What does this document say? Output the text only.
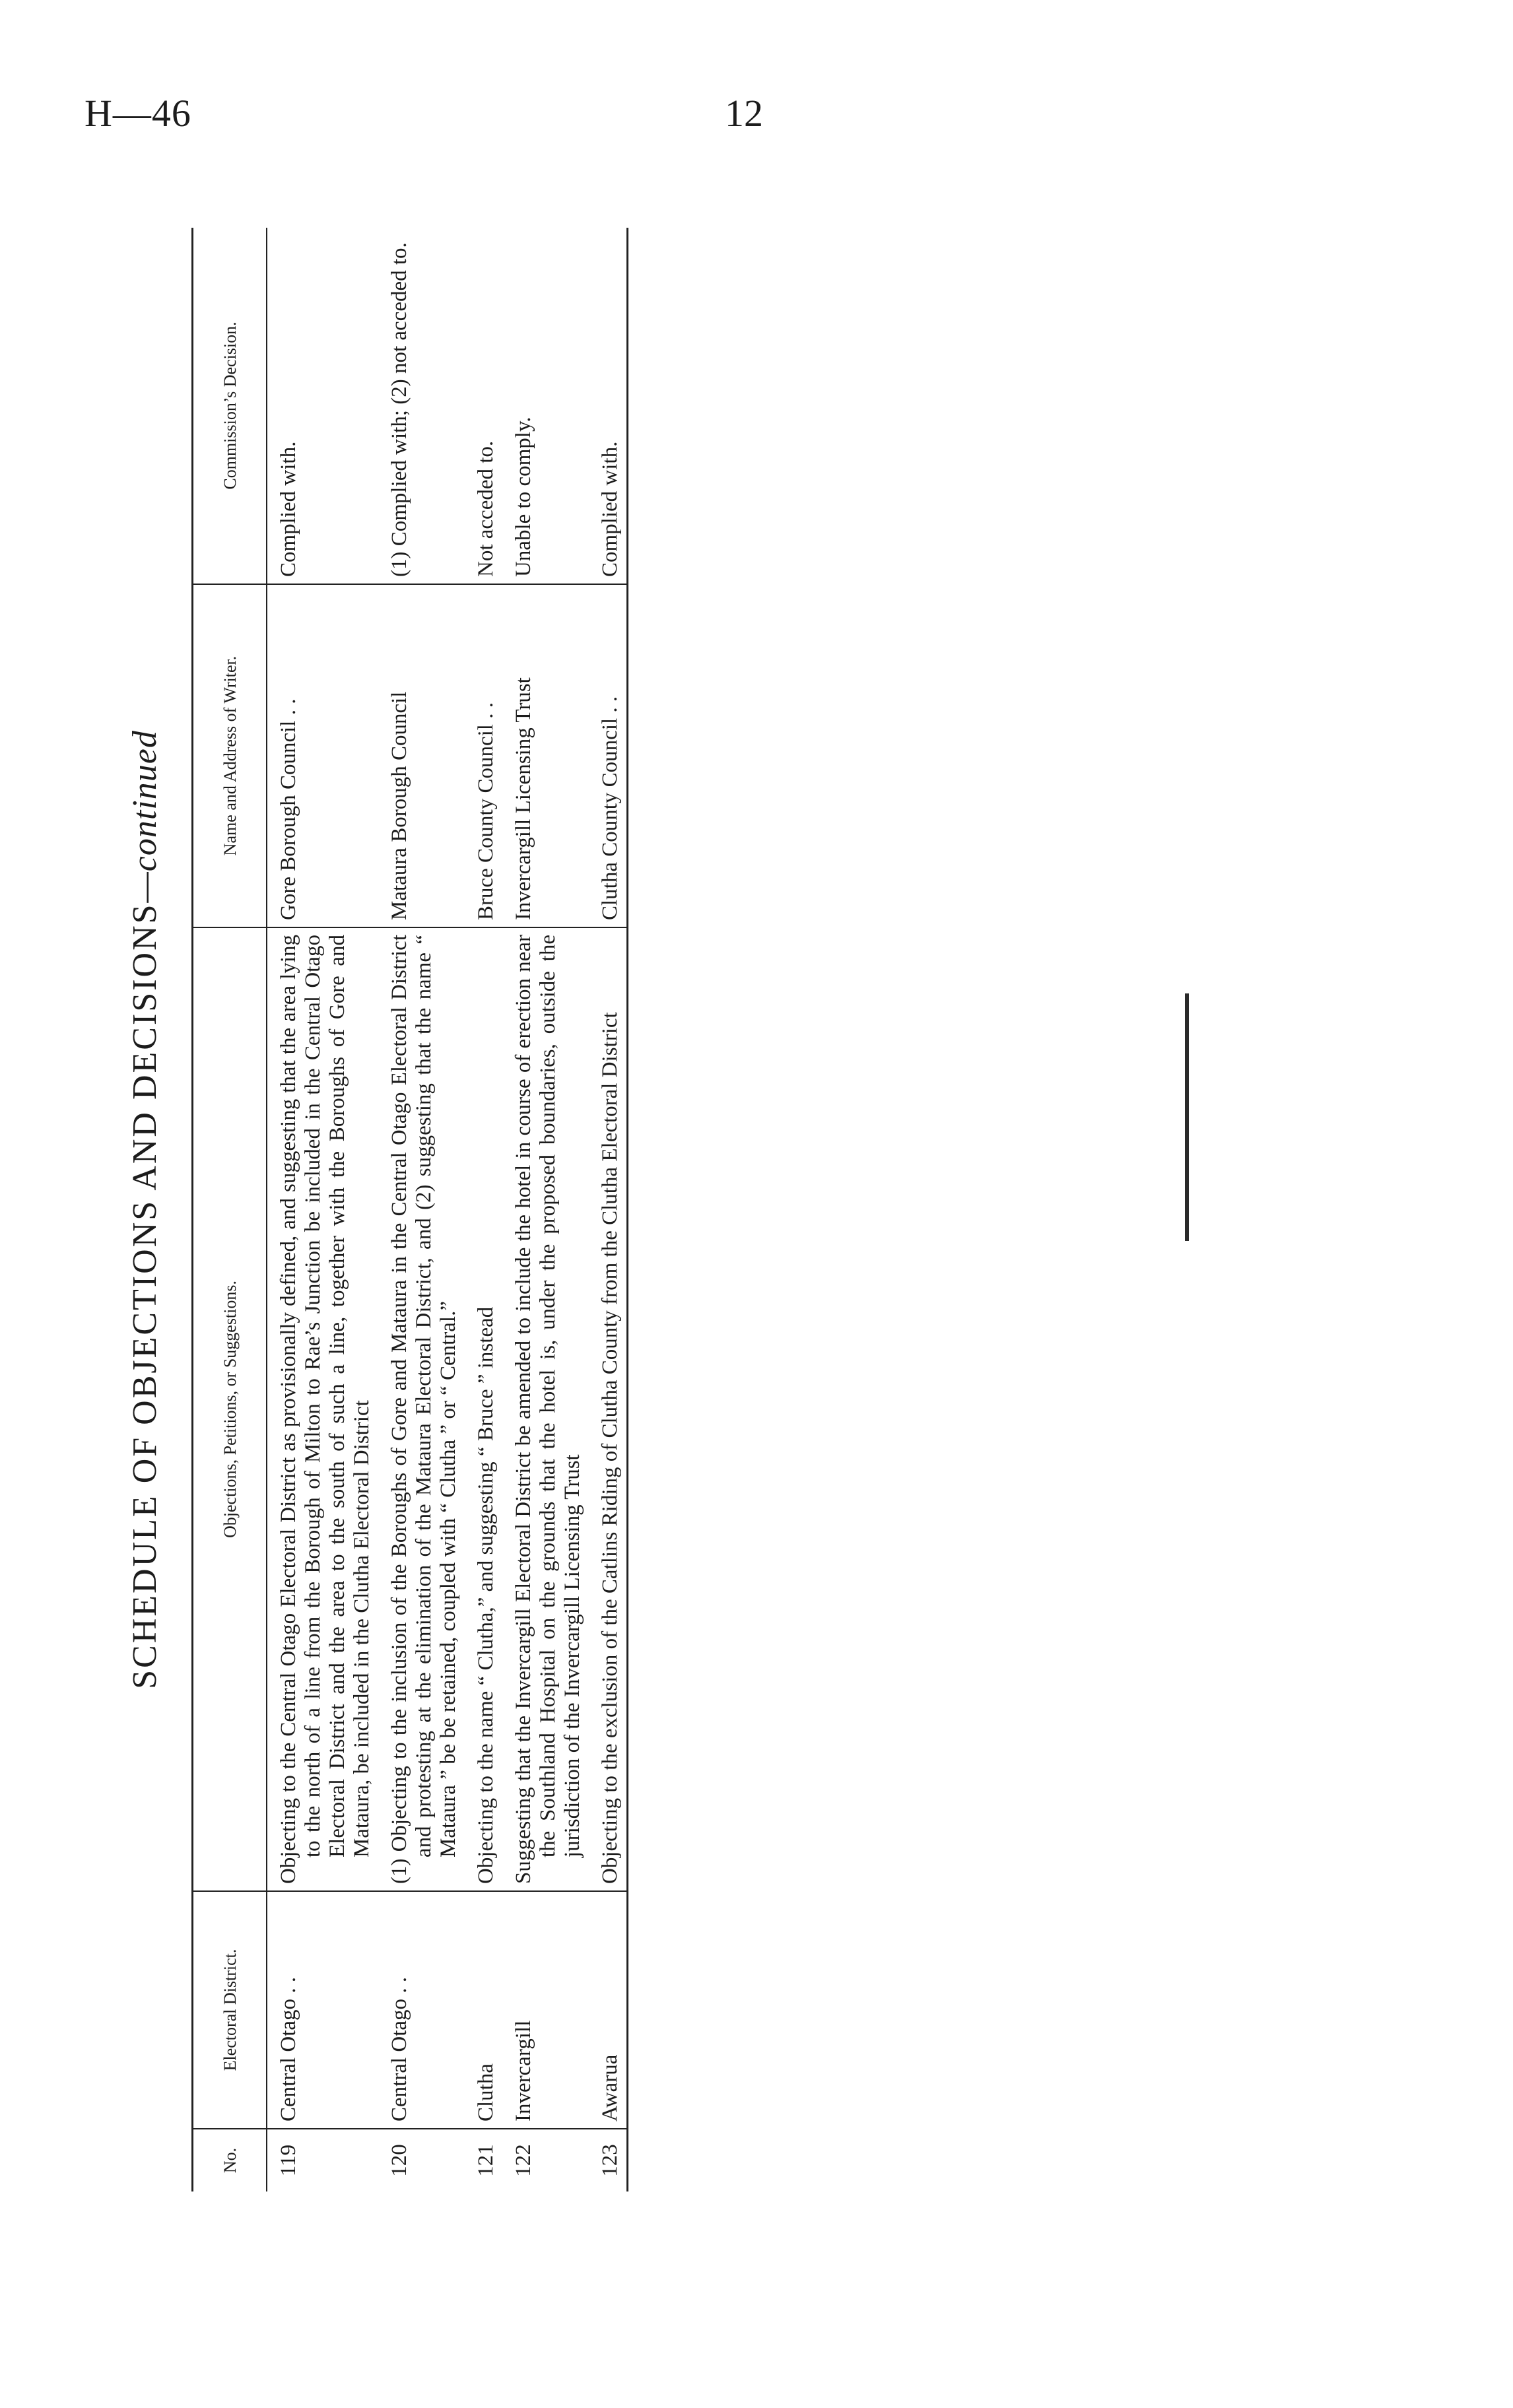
H—46	12
SCHEDULE OF OBJECTIONS AND DECISIONS—continued
No.	Electoral District.	Objections, Petitions, or Suggestions.	Name and Address of Writer.	Commission’s Decision.
119	Central Otago . .	Objecting to the Central Otago Electoral District as provisionally defined, and suggesting that the area lying to the north of a line from the Borough of Milton to Rae’s Junction be included in the Central Otago Electoral District and the area to the south of such a line, together with the Boroughs of Gore and Mataura, be included in the Clutha Electoral District	Gore Borough Council . .	Complied with.
120	Central Otago . .	(1) Objecting to the inclusion of the Boroughs of Gore and Mataura in the Central Otago Electoral District and protesting at the elimination of the Mataura Electoral District, and (2) suggesting that the name “ Mataura ” be be retained, coupled with “ Clutha ” or “ Central.”	Mataura Borough Council	(1) Complied with; (2) not acceded to.
121	Clutha	Objecting to the name “ Clutha,” and suggesting “ Bruce ” instead	Bruce County Council . .	Not acceded to.
122	Invercargill	Suggesting that the Invercargill Electoral District be amended to include the hotel in course of erection near the Southland Hospital on the grounds that the hotel is, under the proposed boundaries, outside the jurisdiction of the Invercargill Licensing Trust	Invercargill Licensing Trust	Unable to comply.
123	Awarua	Objecting to the exclusion of the Catlins Riding of Clutha County from the Clutha Electoral District	Clutha County Council . .	Complied with.
